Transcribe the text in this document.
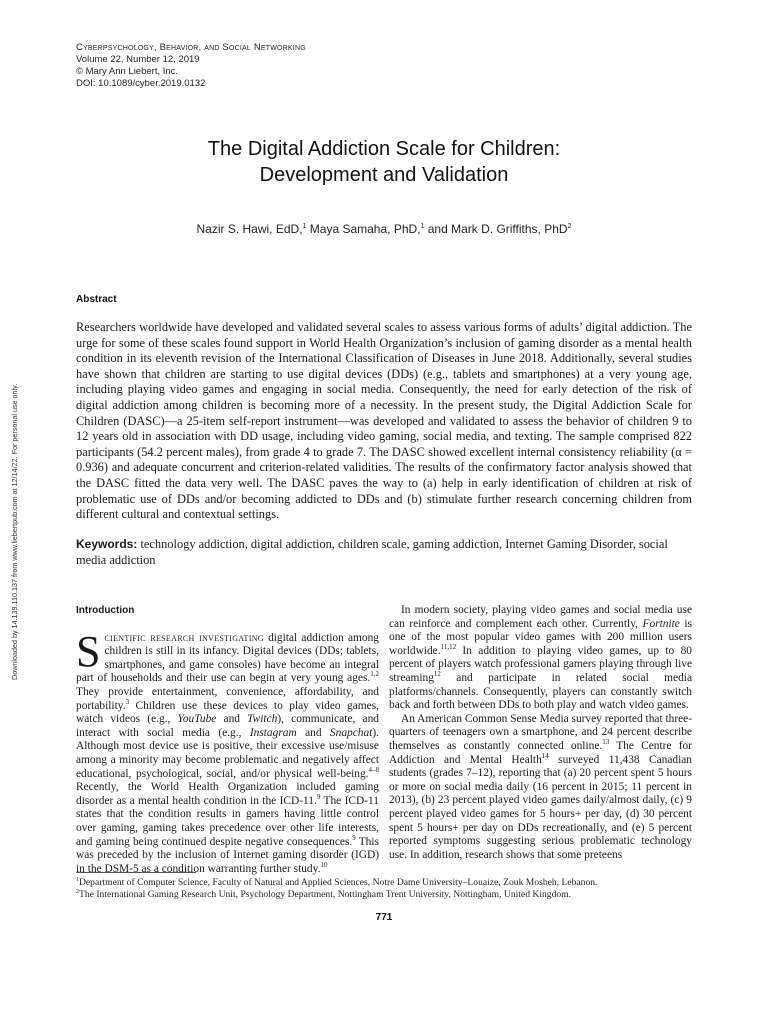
Cyberpsychology, Behavior, and Social Networking
Volume 22, Number 12, 2019
© Mary Ann Liebert, Inc.
DOI: 10.1089/cyber.2019.0132
Downloaded by 14.139.110.137 from www.liebertpub.com at 12/14/22. For personal use only.
The Digital Addiction Scale for Children:
Development and Validation
Nazir S. Hawi, EdD,$^1$ Maya Samaha, PhD,$^1$ and Mark D. Griffiths, PhD$^2$
Abstract
Researchers worldwide have developed and validated several scales to assess various forms of adults’ digital addiction. The urge for some of these scales found support in World Health Organization’s inclusion of gaming disorder as a mental health condition in its eleventh revision of the International Classification of Diseases in June 2018. Additionally, several studies have shown that children are starting to use digital devices (DDs) (e.g., tablets and smartphones) at a very young age, including playing video games and engaging in social media. Consequently, the need for early detection of the risk of digital addiction among children is becoming more of a necessity. In the present study, the Digital Addiction Scale for Children (DASC)—a 25-item self-report instrument—was developed and validated to assess the behavior of children 9 to 12 years old in association with DD usage, including video gaming, social media, and texting. The sample comprised 822 participants (54.2 percent males), from grade 4 to grade 7. The DASC showed excellent internal consistency reliability (α = 0.936) and adequate concurrent and criterion-related validities. The results of the confirmatory factor analysis showed that the DASC fitted the data very well. The DASC paves the way to (a) help in early identification of children at risk of problematic use of DDs and/or becoming addicted to DDs and (b) stimulate further research concerning children from different cultural and contextual settings.
Keywords: technology addiction, digital addiction, children scale, gaming addiction, Internet Gaming Disorder, social media addiction
Introduction

Scientific research investigating digital addiction among children is still in its infancy. Digital devices (DDs; tablets, smartphones, and game consoles) have become an integral part of households and their use can begin at very young ages.$^{1,2}$ They provide entertainment, convenience, affordability, and portability.$^3$ Children use these devices to play video games, watch videos (e.g., YouTube and Twitch), communicate, and interact with social media (e.g., Instagram and Snapchat). Although most device use is positive, their excessive use/misuse among a minority may become problematic and negatively affect educational, psychological, social, and/or physical well-being.$^{4-8}$ Recently, the World Health Organization included gaming disorder as a mental health condition in the ICD-11.$^9$ The ICD-11 states that the condition results in gamers having little control over gaming, gaming takes precedence over other life interests, and gaming being continued despite negative consequences.$^9$ This was preceded by the inclusion of Internet gaming disorder (IGD) in the DSM-5 as a condition warranting further study.$^{10}$

In modern society, playing video games and social media use can reinforce and complement each other. Currently, Fortnite is one of the most popular video games with 200 million users worldwide.$^{11,12}$ In addition to playing video games, up to 80 percent of players watch professional gamers playing through live streaming$^{12}$ and participate in related social media platforms/channels. Consequently, players can constantly switch back and forth between DDs to both play and watch video games.

An American Common Sense Media survey reported that three-quarters of teenagers own a smartphone, and 24 percent describe themselves as constantly connected online.$^{13}$ The Centre for Addiction and Mental Health$^{14}$ surveyed 11,438 Canadian students (grades 7–12), reporting that (a) 20 percent spent 5 hours or more on social media daily (16 percent in 2015; 11 percent in 2013), (b) 23 percent played video games daily/almost daily, (c) 9 percent played video games for 5 hours+ per day, (d) 30 percent spent 5 hours+ per day on DDs recreationally, and (e) 5 percent reported symptoms suggesting serious problematic technology use. In addition, research shows that some preteens

$^1$Department of Computer Science, Faculty of Natural and Applied Sciences, Notre Dame University–Louaize, Zouk Mosbeh, Lebanon.
$^2$The International Gaming Research Unit, Psychology Department, Nottingham Trent University, Nottingham, United Kingdom.
771
